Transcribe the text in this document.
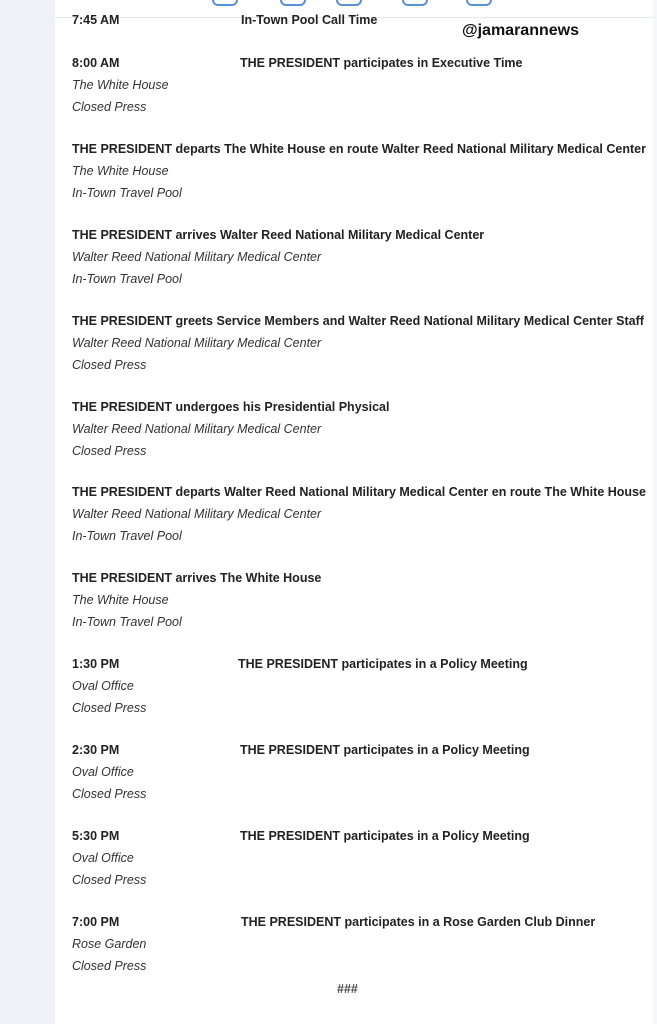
@jamarannews
7:45 AM	In-Town Pool Call Time
8:00 AM	THE PRESIDENT participates in Executive Time
The White House
Closed Press
THE PRESIDENT departs The White House en route Walter Reed National Military Medical Center
The White House
In-Town Travel Pool
THE PRESIDENT arrives Walter Reed National Military Medical Center
Walter Reed National Military Medical Center
In-Town Travel Pool
THE PRESIDENT greets Service Members and Walter Reed National Military Medical Center Staff
Walter Reed National Military Medical Center
Closed Press
THE PRESIDENT undergoes his Presidential Physical
Walter Reed National Military Medical Center
Closed Press
THE PRESIDENT departs Walter Reed National Military Medical Center en route The White House
Walter Reed National Military Medical Center
In-Town Travel Pool
THE PRESIDENT arrives The White House
The White House
In-Town Travel Pool
1:30 PM	THE PRESIDENT participates in a Policy Meeting
Oval Office
Closed Press
2:30 PM	THE PRESIDENT participates in a Policy Meeting
Oval Office
Closed Press
5:30 PM	THE PRESIDENT participates in a Policy Meeting
Oval Office
Closed Press
7:00 PM	THE PRESIDENT participates in a Rose Garden Club Dinner
Rose Garden
Closed Press
###
